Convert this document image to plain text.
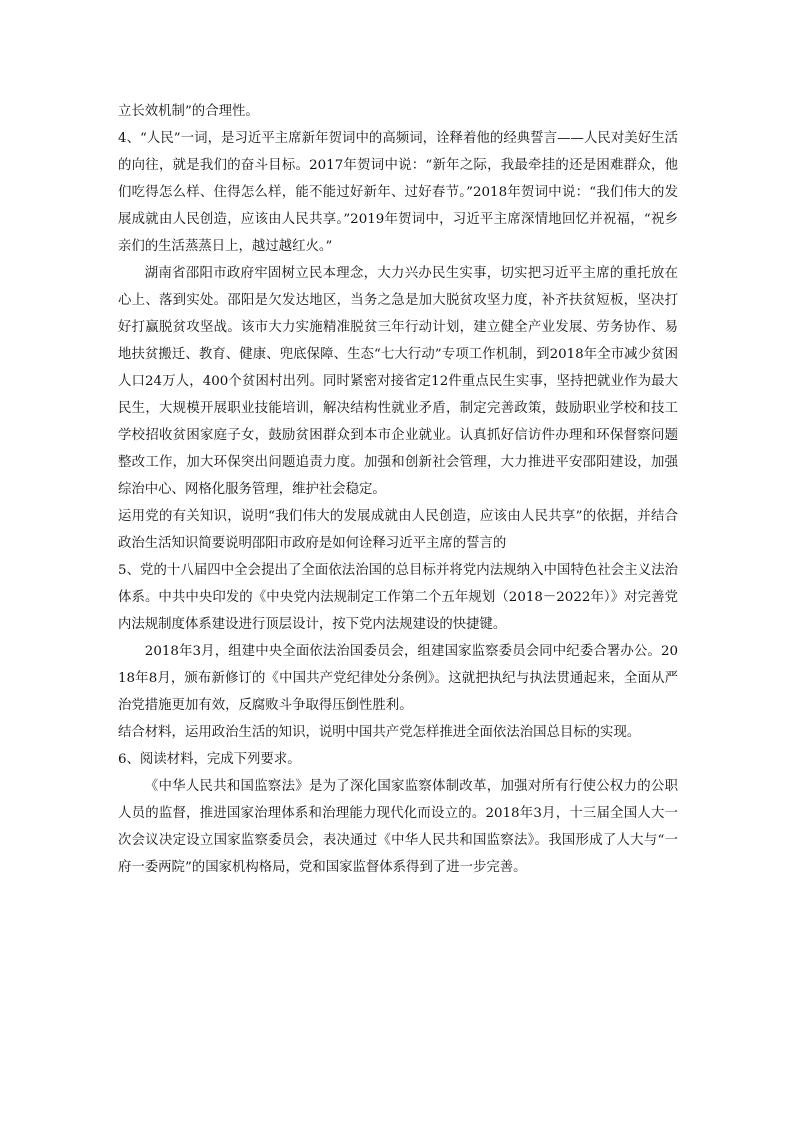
立长效机制”的合理性。

4、“人民”一词，是习近平主席新年贺词中的高频词，诠释着他的经典誓言——人民对美好生活的向往，就是我们的奋斗目标。2017年贺词中说：“新年之际，我最牵挂的还是困难群众，他们吃得怎么样、住得怎么样，能不能过好新年、过好春节。”2018年贺词中说：“我们伟大的发展成就由人民创造，应该由人民共享。”2019年贺词中，习近平主席深情地回忆并祝福，“祝乡亲们的生活蒸蒸日上，越过越红火。”

湖南省邵阳市政府牢固树立民本理念，大力兴办民生实事，切实把习近平主席的重托放在心上、落到实处。邵阳是欠发达地区，当务之急是加大脱贫攻坚力度，补齐扶贫短板，坚决打好打赢脱贫攻坚战。该市大力实施精准脱贫三年行动计划，建立健全产业发展、劳务协作、易地扶贫搬迁、教育、健康、兜底保障、生态“七大行动”专项工作机制，到2018年全市减少贫困人口24万人，400个贫困村出列。同时紧密对接省定12件重点民生实事，坚持把就业作为最大民生，大规模开展职业技能培训，解决结构性就业矛盾，制定完善政策，鼓励职业学校和技工学校招收贫困家庭子女，鼓励贫困群众到本市企业就业。认真抓好信访件办理和环保督察问题整改工作，加大环保突出问题追责力度。加强和创新社会管理，大力推进平安邵阳建设，加强综治中心、网格化服务管理，维护社会稳定。

运用党的有关知识，说明“我们伟大的发展成就由人民创造，应该由人民共享”的依据，并结合政治生活知识简要说明邵阳市政府是如何诠释习近平主席的誓言的

5、党的十八届四中全会提出了全面依法治国的总目标并将党内法规纳入中国特色社会主义法治体系。中共中央印发的《中央党内法规制定工作第二个五年规划（2018－2022年）》对完善党内法规制度体系建设进行顶层设计，按下党内法规建设的快捷键。

2018年3月，组建中央全面依法治国委员会，组建国家监察委员会同中纪委合署办公。2018年8月，颁布新修订的《中国共产党纪律处分条例》。这就把执纪与执法贯通起来，全面从严治党措施更加有效，反腐败斗争取得压倒性胜利。

结合材料，运用政治生活的知识，说明中国共产党怎样推进全面依法治国总目标的实现。

6、阅读材料，完成下列要求。

《中华人民共和国监察法》是为了深化国家监察体制改革，加强对所有行使公权力的公职人员的监督，推进国家治理体系和治理能力现代化而设立的。2018年3月，十三届全国人大一次会议决定设立国家监察委员会，表决通过《中华人民共和国监察法》。我国形成了人大与“一府一委两院”的国家机构格局，党和国家监督体系得到了进一步完善。
